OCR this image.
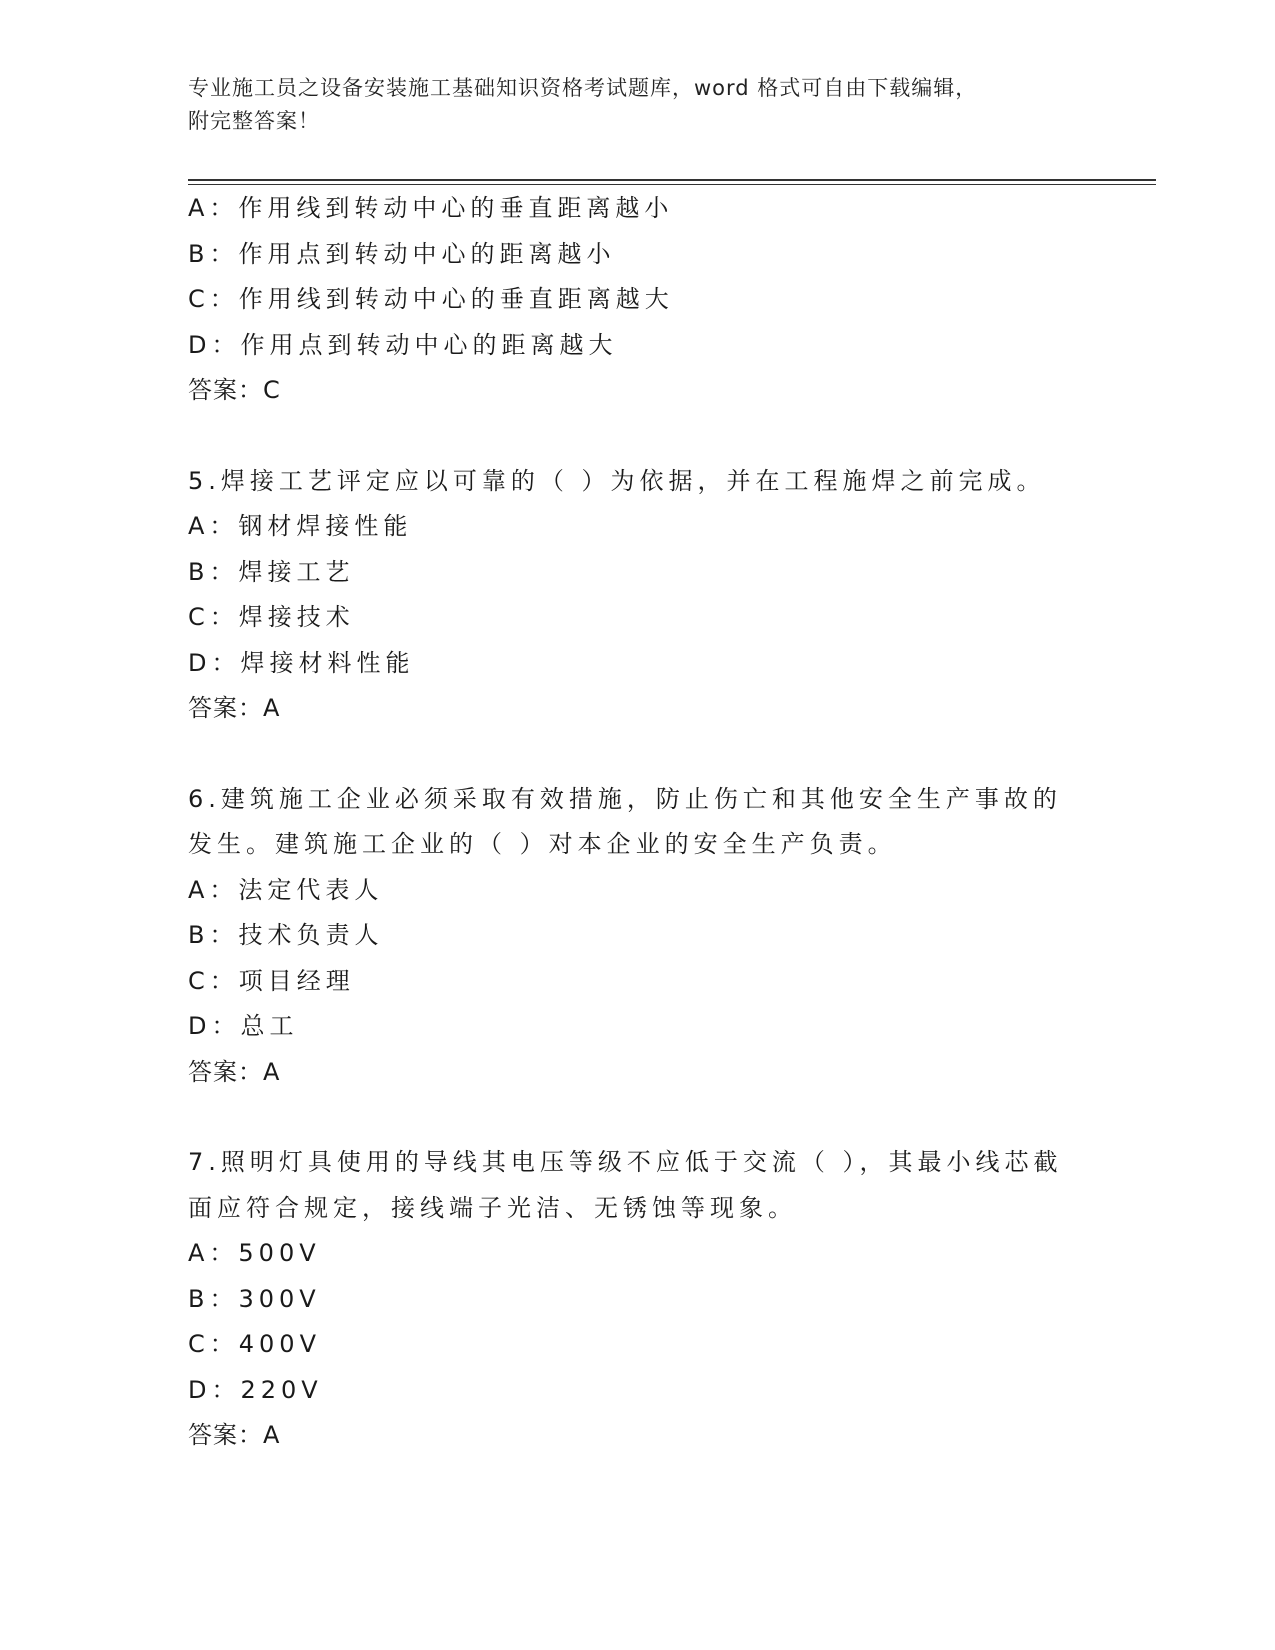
专业施工员之设备安装施工基础知识资格考试题库，word 格式可自由下载编辑，
附完整答案！
A：作用线到转动中心的垂直距离越小
B：作用点到转动中心的距离越小
C：作用线到转动中心的垂直距离越大
D：作用点到转动中心的距离越大
答案：C
5.焊接工艺评定应以可靠的（ ）为依据，并在工程施焊之前完成。
A：钢材焊接性能
B：焊接工艺
C：焊接技术
D：焊接材料性能
答案：A
6.建筑施工企业必须采取有效措施，防止伤亡和其他安全生产事故的
发生。建筑施工企业的（ ）对本企业的安全生产负责。
A：法定代表人
B：技术负责人
C：项目经理
D：总工
答案：A
7.照明灯具使用的导线其电压等级不应低于交流（ ），其最小线芯截
面应符合规定，接线端子光洁、无锈蚀等现象。
A：500V
B：300V
C：400V
D：220V
答案：A
